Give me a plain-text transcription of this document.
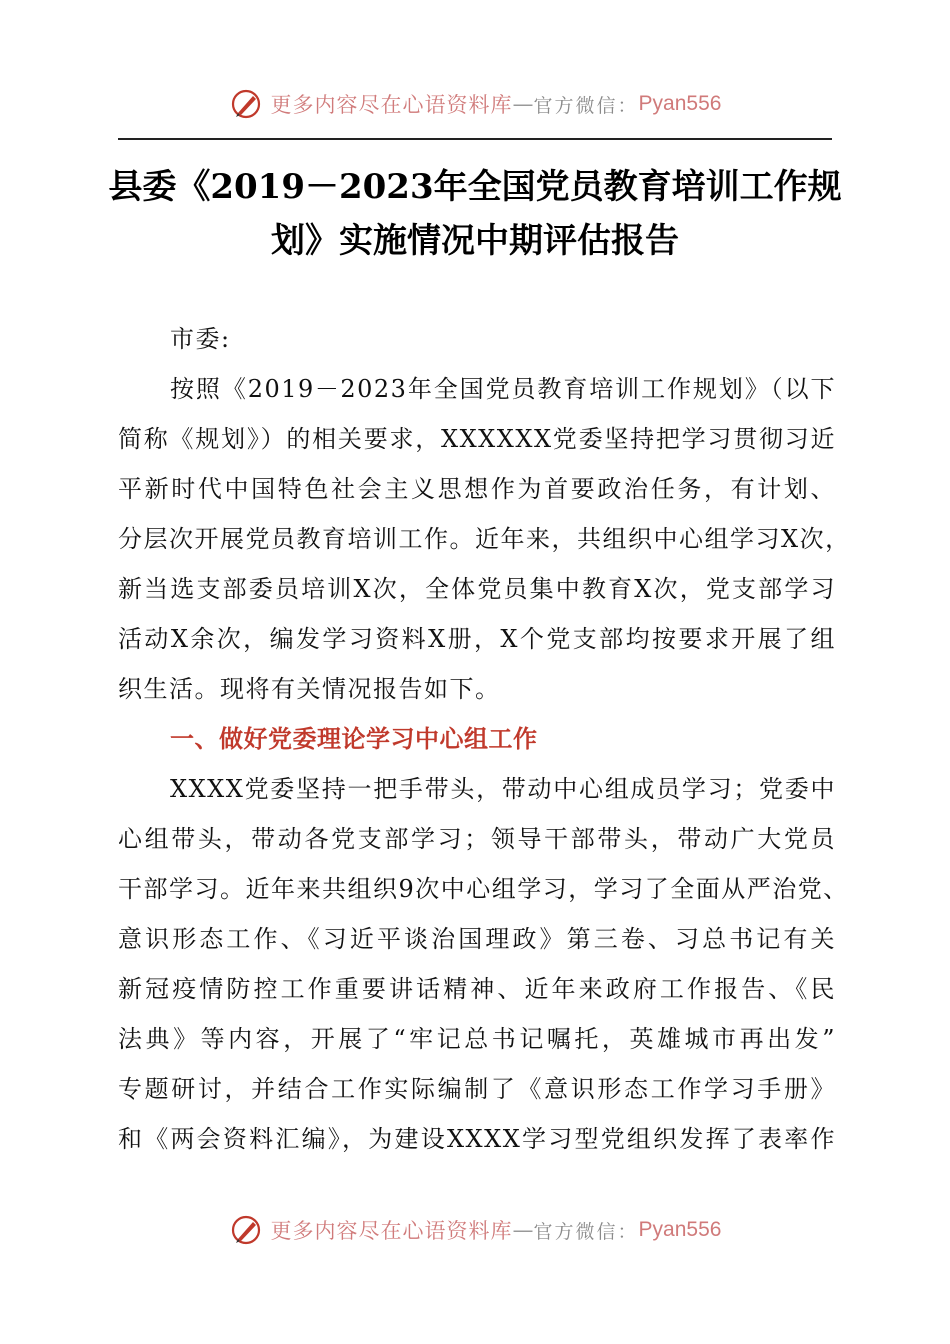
更多内容尽在心语资料库 — 官方微信： Pyan556
县委《2019－2023年全国党员教育培训工作规
划》实施情况中期评估报告
市委:
按照《2019－2023年全国党员教育培训工作规划》（以下
简称《规划》）的相关要求，XXXXXX党委坚持把学习贯彻习近
平新时代中国特色社会主义思想作为首要政治任务，有计划、
分层次开展党员教育培训工作。近年来，共组织中心组学习X次，
新当选支部委员培训X次，全体党员集中教育X次，党支部学习
活动X余次，编发学习资料X册，X个党支部均按要求开展了组
织生活。现将有关情况报告如下。
一、做好党委理论学习中心组工作
XXXX党委坚持一把手带头，带动中心组成员学习；党委中
心组带头，带动各党支部学习；领导干部带头，带动广大党员
干部学习。近年来共组织9次中心组学习，学习了全面从严治党、
意识形态工作、《习近平谈治国理政》第三卷、习总书记有关
新冠疫情防控工作重要讲话精神、近年来政府工作报告、《民
法典》等内容，开展了“牢记总书记嘱托，英雄城市再出发”
专题研讨，并结合工作实际编制了《意识形态工作学习手册》
和《两会资料汇编》，为建设XXXX学习型党组织发挥了表率作
更多内容尽在心语资料库 — 官方微信： Pyan556
